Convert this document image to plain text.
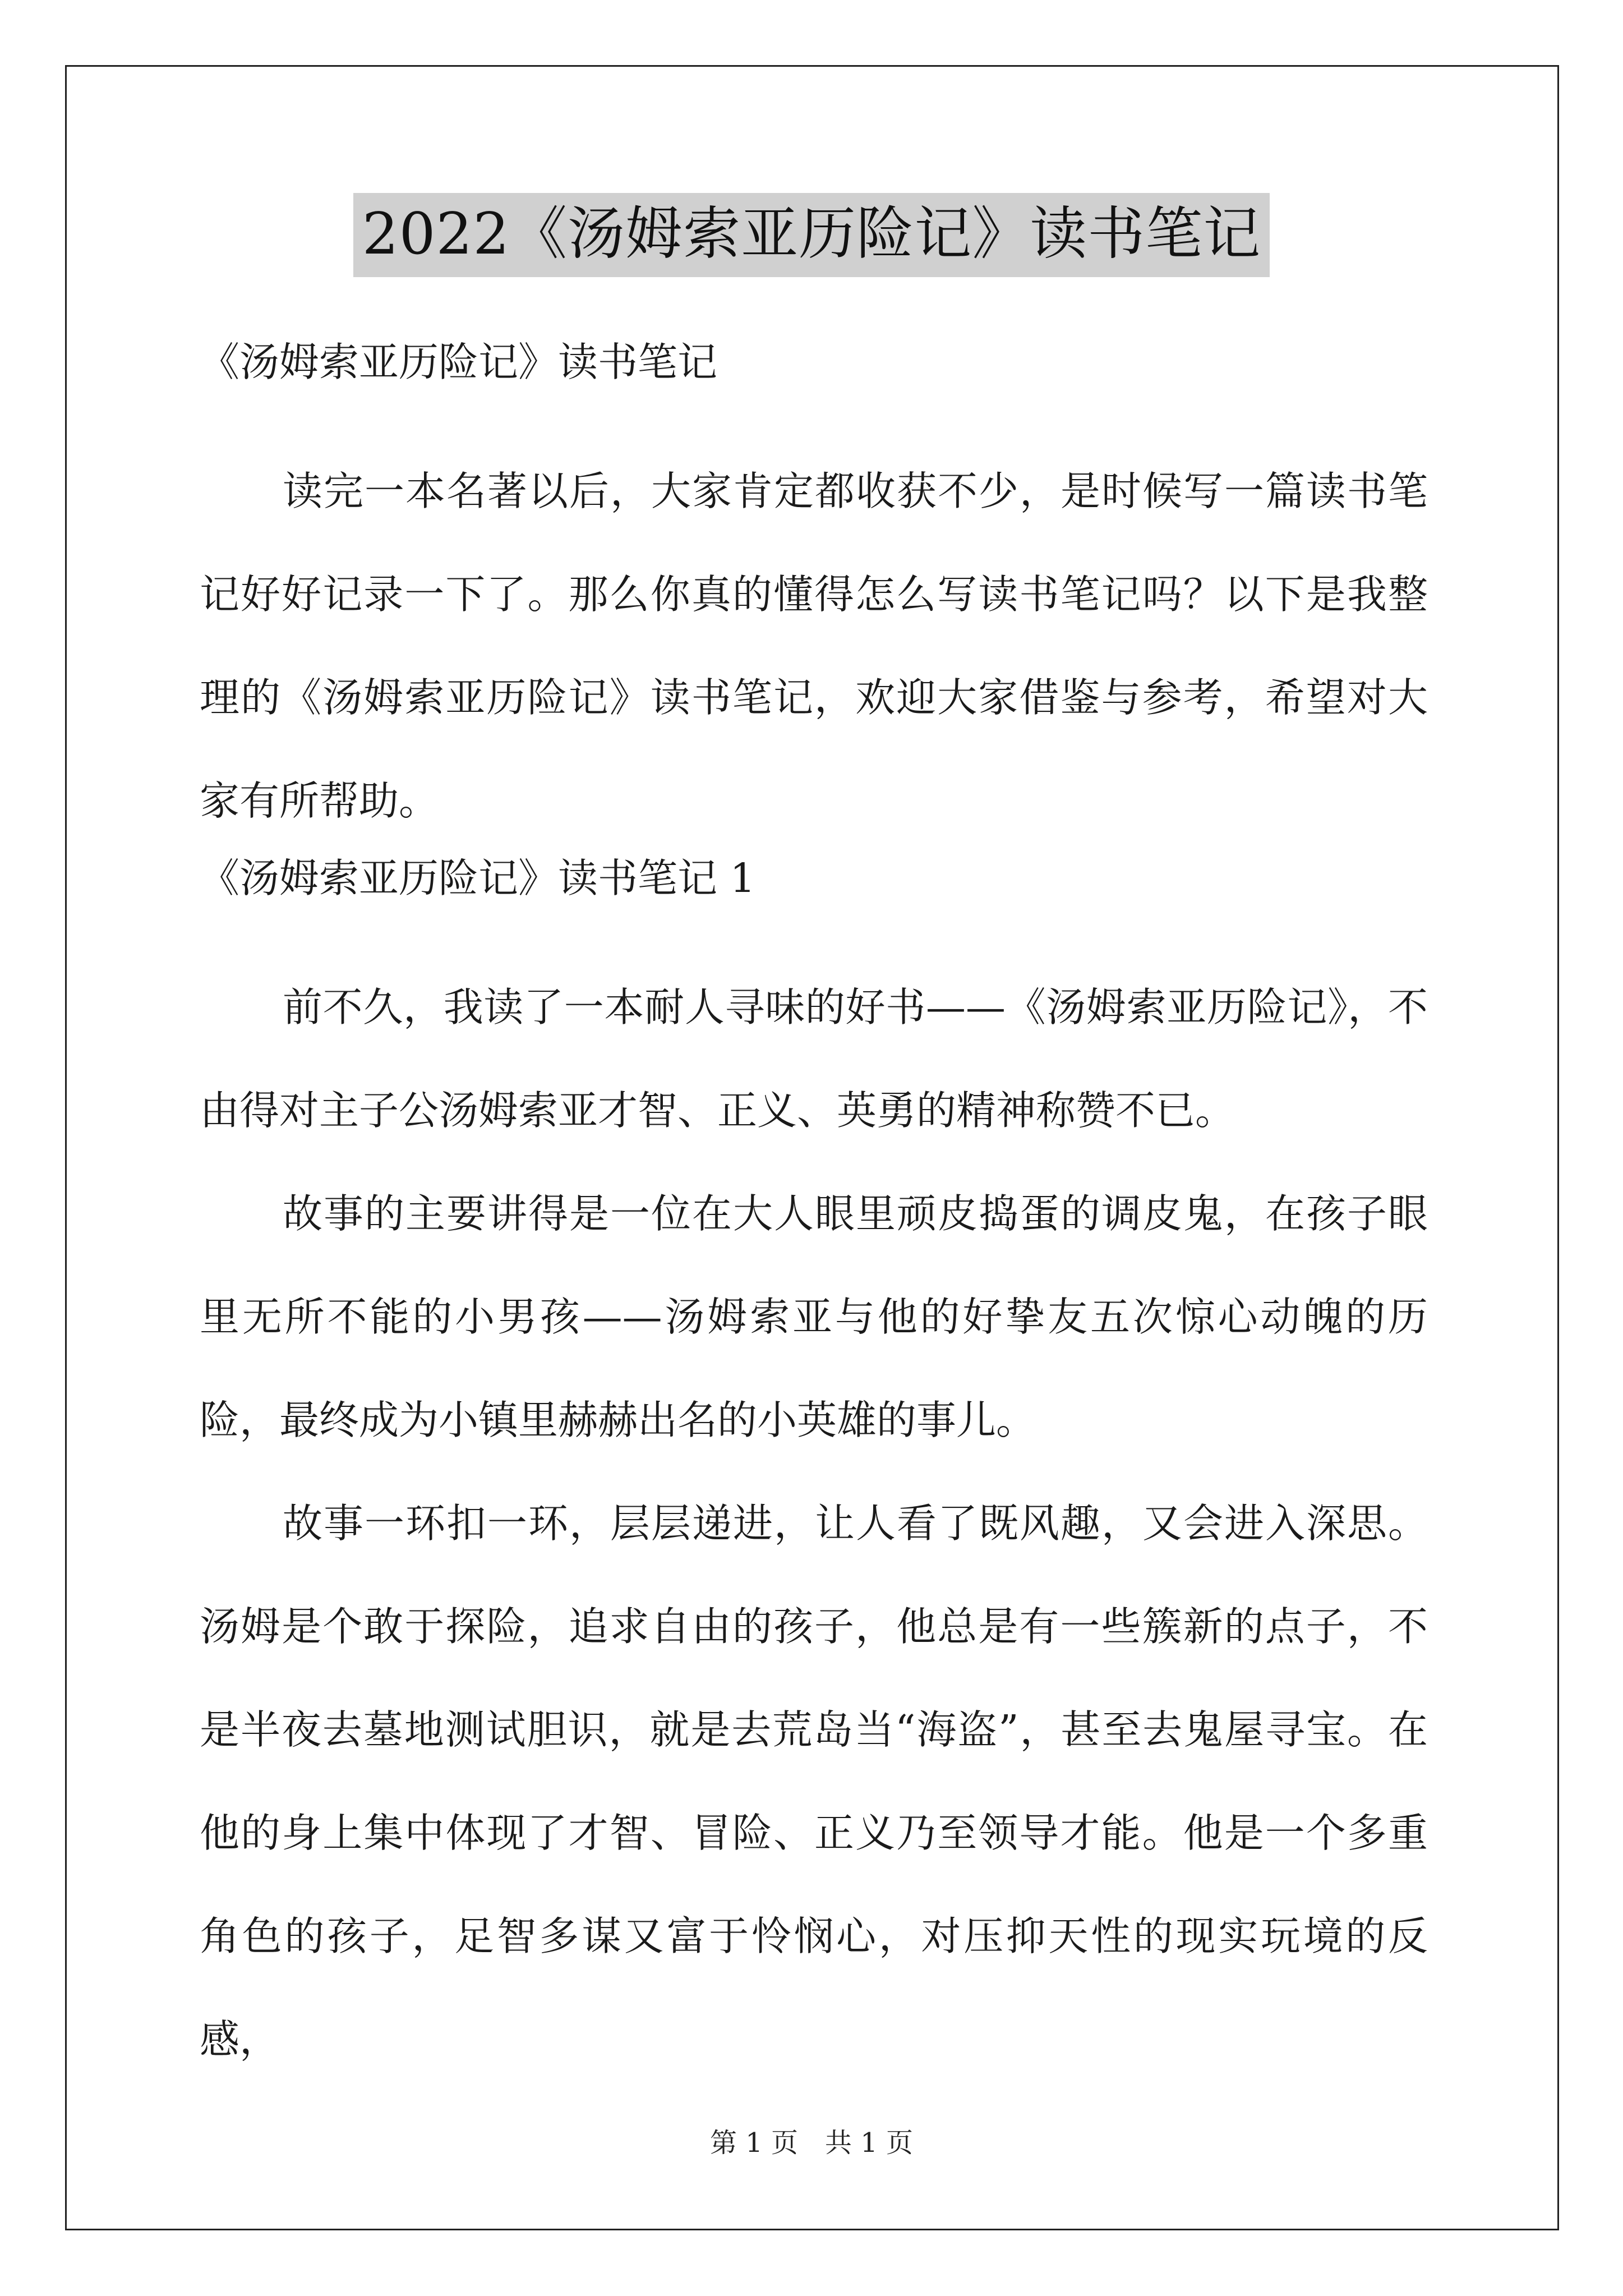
2022《汤姆索亚历险记》读书笔记
《汤姆索亚历险记》读书笔记

读完一本名著以后，大家肯定都收获不少，是时候写一篇读书笔记好好记录一下了。那么你真的懂得怎么写读书笔记吗？以下是我整理的《汤姆索亚历险记》读书笔记，欢迎大家借鉴与参考，希望对大家有所帮助。

《汤姆索亚历险记》读书笔记 1

前不久，我读了一本耐人寻味的好书——《汤姆索亚历险记》，不由得对主子公汤姆索亚才智、正义、英勇的精神称赞不已。

故事的主要讲得是一位在大人眼里顽皮捣蛋的调皮鬼，在孩子眼里无所不能的小男孩——汤姆索亚与他的好挚友五次惊心动魄的历险，最终成为小镇里赫赫出名的小英雄的事儿。

故事一环扣一环，层层递进，让人看了既风趣，又会进入深思。汤姆是个敢于探险，追求自由的孩子，他总是有一些簇新的点子，不是半夜去墓地测试胆识，就是去荒岛当“海盗”，甚至去鬼屋寻宝。在他的身上集中体现了才智、冒险、正义乃至领导才能。他是一个多重角色的孩子，足智多谋又富于怜悯心，对压抑天性的现实玩境的反感，

第 1 页 共 1 页
